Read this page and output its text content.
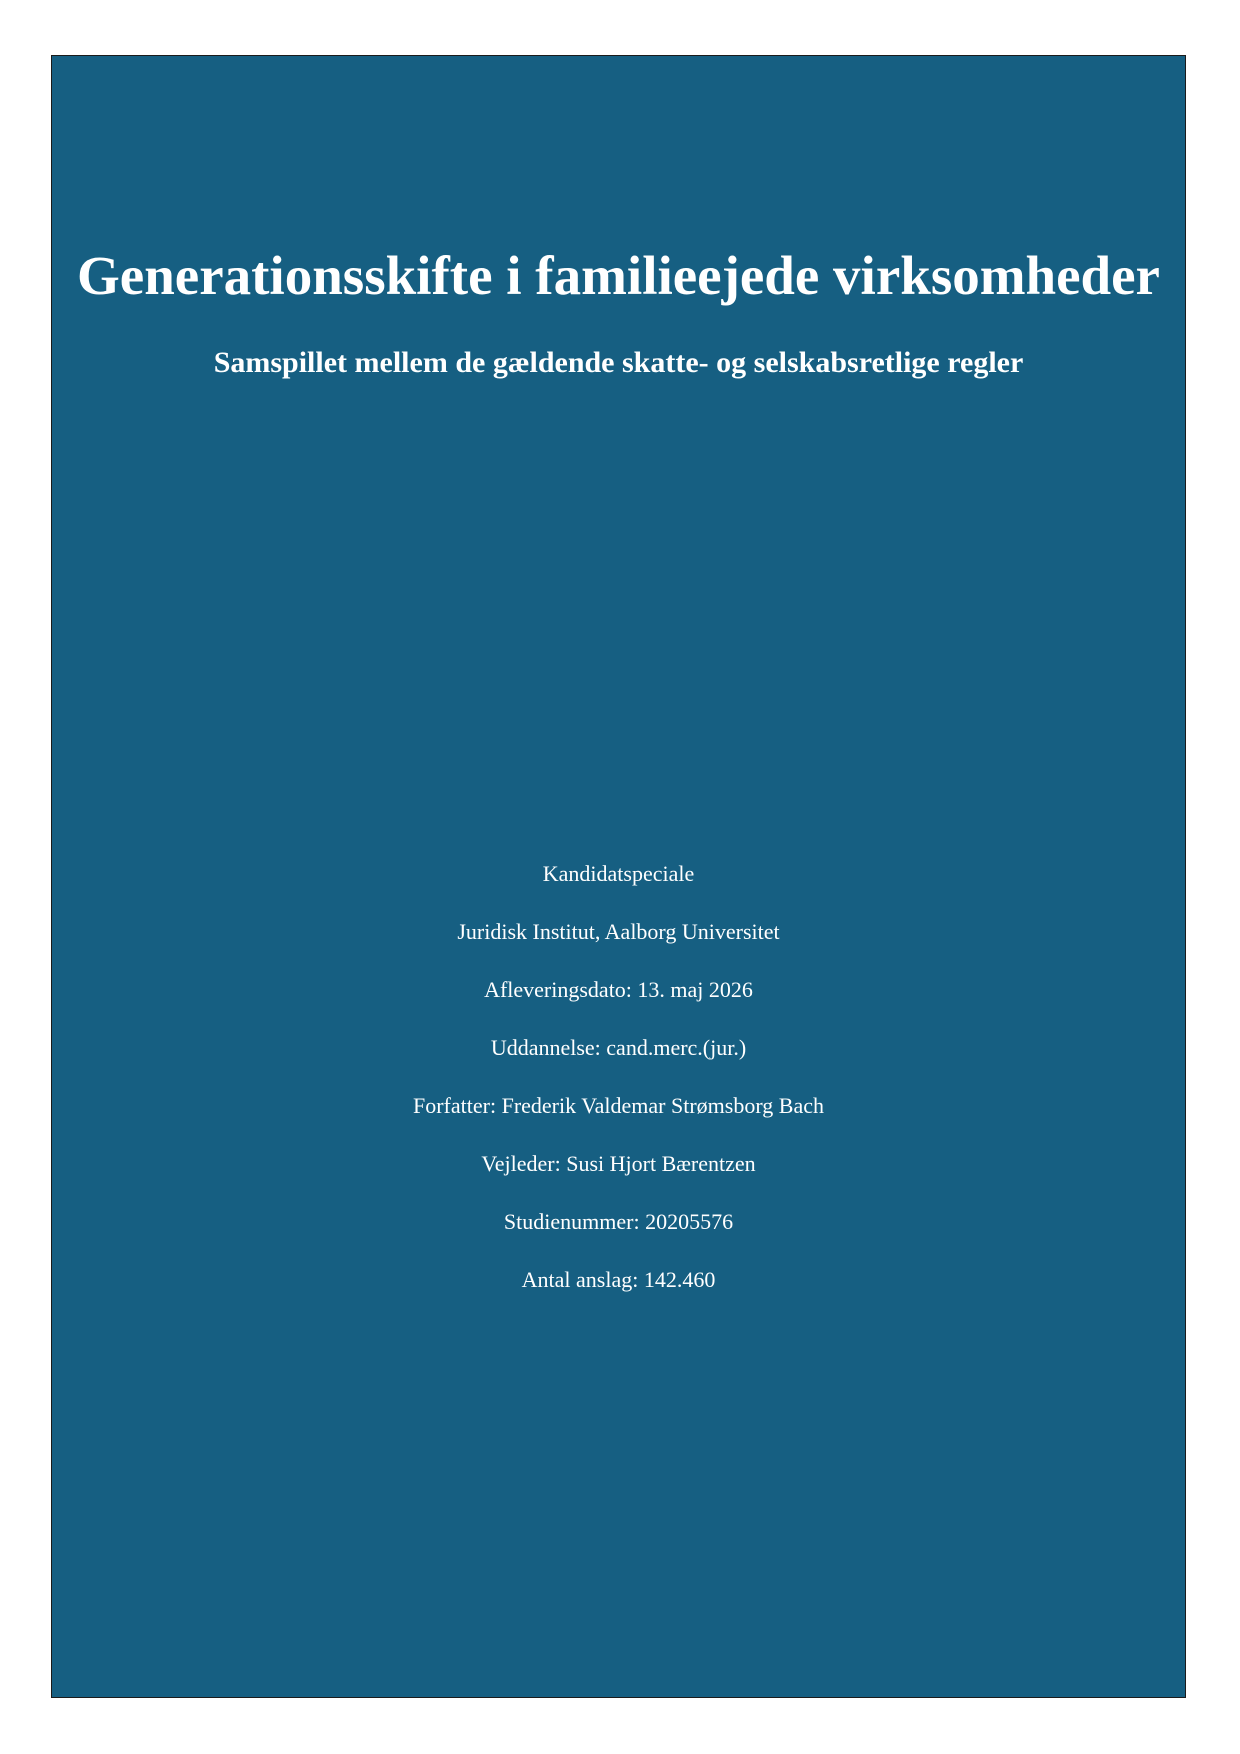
Generationsskifte i familieejede virksomheder
Samspillet mellem de gældende skatte- og selskabsretlige regler
Kandidatspeciale
Juridisk Institut, Aalborg Universitet
Afleveringsdato: 13. maj 2026
Uddannelse: cand.merc.(jur.)
Forfatter: Frederik Valdemar Strømsborg Bach
Vejleder: Susi Hjort Bærentzen
Studienummer: 20205576
Antal anslag: 142.460
